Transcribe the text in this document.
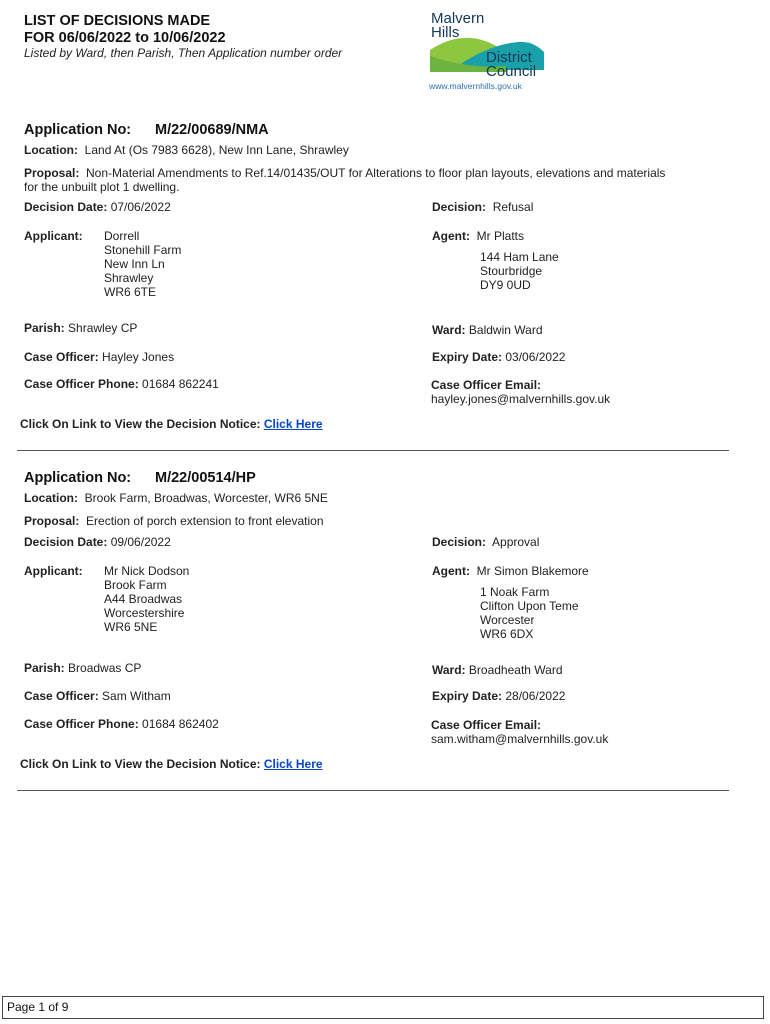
LIST OF DECISIONS MADE
FOR 06/06/2022 to 10/06/2022
Listed by Ward, then Parish, Then Application number order
Malvern
Hills
District
Council
www.malvernhills.gov.uk
Application No: M/22/00689/NMA
Location: Land At (Os 7983 6628), New Inn Lane, Shrawley
Proposal: Non-Material Amendments to Ref.14/01435/OUT for Alterations to floor plan layouts, elevations and materials
for the unbuilt plot 1 dwelling.
Decision Date: 07/06/2022	Decision: Refusal
Applicant: Dorrell
Stonehill Farm
New Inn Ln
Shrawley
WR6 6TE
Agent: Mr Platts
144 Ham Lane
Stourbridge
DY9 0UD
Parish: Shrawley CP	Ward: Baldwin Ward
Case Officer: Hayley Jones	Expiry Date: 03/06/2022
Case Officer Phone: 01684 862241	Case Officer Email:
hayley.jones@malvernhills.gov.uk
Click On Link to View the Decision Notice: Click Here
Application No: M/22/00514/HP
Location: Brook Farm, Broadwas, Worcester, WR6 5NE
Proposal: Erection of porch extension to front elevation
Decision Date: 09/06/2022	Decision: Approval
Applicant: Mr Nick Dodson
Brook Farm
A44 Broadwas
Worcestershire
WR6 5NE
Agent: Mr Simon Blakemore
1 Noak Farm
Clifton Upon Teme
Worcester
WR6 6DX
Parish: Broadwas CP	Ward: Broadheath Ward
Case Officer: Sam Witham	Expiry Date: 28/06/2022
Case Officer Phone: 01684 862402	Case Officer Email:
sam.witham@malvernhills.gov.uk
Click On Link to View the Decision Notice: Click Here
Page 1 of 9
